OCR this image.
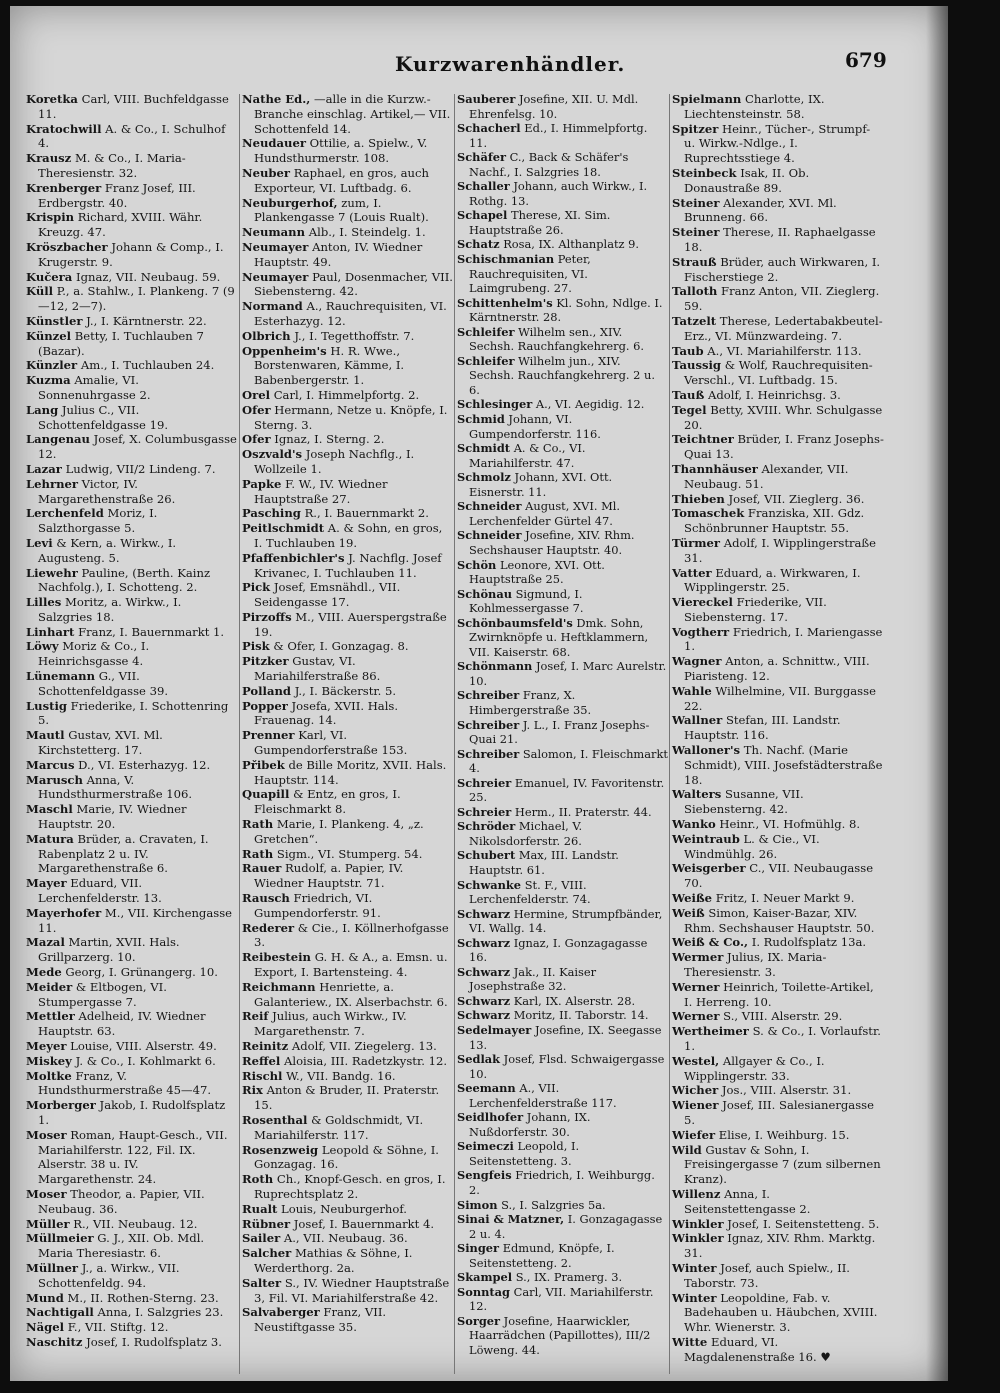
Kurzwarenhändler.	679
Koretka Carl, VIII. Buchfeldgasse 11.
Kratochwill A. & Co., I. Schulhof 4.
Krausz M. & Co., I. Maria-Theresienstr. 32.
Krenberger Franz Josef, III. Erdbergstr. 40.
Krispin Richard, XVIII. Währ. Kreuzg. 47.
Kröszbacher Johann & Comp., I. Krugerstr. 9.
Kučera Ignaz, VII. Neubaug. 59.
Küll P., a. Stahlw., I. Plankeng. 7 (9—12, 2—7).
Künstler J., I. Kärntnerstr. 22.
Künzel Betty, I. Tuchlauben 7 (Bazar).
Künzler Am., I. Tuchlauben 24.
Kuzma Amalie, VI. Sonnenuhrgasse 2.
Lang Julius C., VII. Schottenfeldgasse 19.
Langenau Josef, X. Columbusgasse 12.
Lazar Ludwig, VII/2 Lindeng. 7.
Lehrner Victor, IV. Margarethenstraße 26.
Lerchenfeld Moriz, I. Salzthorgasse 5.
Levi & Kern, a. Wirkw., I. Augusteng. 5.
Liewehr Pauline, (Berth. Kainz Nachfolg.), I. Schotteng. 2.
Lilles Moritz, a. Wirkw., I. Salzgries 18.
Linhart Franz, I. Bauernmarkt 1.
Löwy Moriz & Co., I. Heinrichsgasse 4.
Lünemann G., VII. Schottenfeldgasse 39.
Lustig Friederike, I. Schottenring 5.
Mautl Gustav, XVI. Ml. Kirchstetterg. 17.
Marcus D., VI. Esterhazyg. 12.
Marusch Anna, V. Hundsthurmerstraße 106.
Maschl Marie, IV. Wiedner Hauptstr. 20.
Matura Brüder, a. Cravaten, I. Rabenplatz 2 u. IV. Margarethenstraße 6.
Mayer Eduard, VII. Lerchenfelderstr. 13.
Mayerhofer M., VII. Kirchengasse 11.
Mazal Martin, XVII. Hals. Grillparzerg. 10.
Mede Georg, I. Grünangerg. 10.
Meider & Eltbogen, VI. Stumpergasse 7.
Mettler Adelheid, IV. Wiedner Hauptstr. 63.
Meyer Louise, VIII. Alserstr. 49.
Miskey J. & Co., I. Kohlmarkt 6.
Moltke Franz, V. Hundsthurmerstraße 45—47.
Morberger Jakob, I. Rudolfsplatz 1.
Moser Roman, Haupt-Gesch., VII. Mariahilferstr. 122, Fil. IX. Alserstr. 38 u. IV. Margarethenstr. 24.
Moser Theodor, a. Papier, VII. Neubaug. 36.
Müller R., VII. Neubaug. 12.
Müllmeier G. J., XII. Ob. Mdl. Maria Theresiastr. 6.
Müllner J., a. Wirkw., VII. Schottenfeldg. 94.
Mund M., II. Rothen-Sterng. 23.
Nachtigall Anna, I. Salzgries 23.
Nägel F., VII. Stiftg. 12.
Naschitz Josef, I. Rudolfsplatz 3.
Nathe Ed., —alle in die Kurzw.-Branche einschlag. Artikel,— VII. Schottenfeld 14.
Neudauer Ottilie, a. Spielw., V. Hundsthurmerstr. 108.
Neuber Raphael, en gros, auch Exporteur, VI. Luftbadg. 6.
Neuburgerhof, zum, I. Plankengasse 7 (Louis Rualt).
Neumann Alb., I. Steindelg. 1.
Neumayer Anton, IV. Wiedner Hauptstr. 49.
Neumayer Paul, Dosenmacher, VII. Siebensterng. 42.
Normand A., Rauchrequisiten, VI. Esterhazyg. 12.
Olbrich J., I. Tegetthoffstr. 7.
Oppenheim's H. R. Wwe., Borstenwaren, Kämme, I. Babenbergerstr. 1.
Orel Carl, I. Himmelpfortg. 2.
Ofer Hermann, Netze u. Knöpfe, I. Sterng. 3.
Ofer Ignaz, I. Sterng. 2.
Oszvald's Joseph Nachflg., I. Wollzeile 1.
Papke F. W., IV. Wiedner Hauptstraße 27.
Pasching R., I. Bauernmarkt 2.
Peitlschmidt A. & Sohn, en gros, I. Tuchlauben 19.
Pfaffenbichler's J. Nachflg. Josef Krivanec, I. Tuchlauben 11.
Pick Josef, Emsnähdl., VII. Seidengasse 17.
Pirzoffs M., VIII. Auerspergstraße 19.
Pisk & Ofer, I. Gonzagag. 8.
Pitzker Gustav, VI. Mariahilferstraße 86.
Polland J., I. Bäckerstr. 5.
Popper Josefa, XVII. Hals. Frauenag. 14.
Prenner Karl, VI. Gumpendorferstraße 153.
Přibek de Bille Moritz, XVII. Hals. Hauptstr. 114.
Quapill & Entz, en gros, I. Fleischmarkt 8.
Rath Marie, I. Plankeng. 4, „z. Gretchen“.
Rath Sigm., VI. Stumperg. 54.
Rauer Rudolf, a. Papier, IV. Wiedner Hauptstr. 71.
Rausch Friedrich, VI. Gumpendorferstr. 91.
Rederer & Cie., I. Köllnerhofgasse 3.
Reibestein G. H. & A., a. Emsn. u. Export, I. Bartensteing. 4.
Reichmann Henriette, a. Galanteriew., IX. Alserbachstr. 6.
Reif Julius, auch Wirkw., IV. Margarethenstr. 7.
Reinitz Adolf, VII. Ziegelerg. 13.
Reffel Aloisia, III. Radetzkystr. 12.
Rischl W., VII. Bandg. 16.
Rix Anton & Bruder, II. Praterstr. 15.
Rosenthal & Goldschmidt, VI. Mariahilferstr. 117.
Rosenzweig Leopold & Söhne, I. Gonzagag. 16.
Roth Ch., Knopf-Gesch. en gros, I. Ruprechtsplatz 2.
Rualt Louis, Neuburgerhof.
Rübner Josef, I. Bauernmarkt 4.
Sailer A., VII. Neubaug. 36.
Salcher Mathias & Söhne, I. Werderthorg. 2a.
Salter S., IV. Wiedner Hauptstraße 3, Fil. VI. Mariahilferstraße 42.
Salvaberger Franz, VII. Neustiftgasse 35.
Sauberer Josefine, XII. U. Mdl. Ehrenfelsg. 10.
Schacherl Ed., I. Himmelpfortg. 11.
Schäfer C., Back & Schäfer's Nachf., I. Salzgries 18.
Schaller Johann, auch Wirkw., I. Rothg. 13.
Schapel Therese, XI. Sim. Hauptstraße 26.
Schatz Rosa, IX. Althanplatz 9.
Schischmanian Peter, Rauchrequisiten, VI. Laimgrubeng. 27.
Schittenhelm's Kl. Sohn, Ndlge. I. Kärntnerstr. 28.
Schleifer Wilhelm sen., XIV. Sechsh. Rauchfangkehrerg. 6.
Schleifer Wilhelm jun., XIV. Sechsh. Rauchfangkehrerg. 2 u. 6.
Schlesinger A., VI. Aegidig. 12.
Schmid Johann, VI. Gumpendorferstr. 116.
Schmidt A. & Co., VI. Mariahilferstr. 47.
Schmolz Johann, XVI. Ott. Eisnerstr. 11.
Schneider August, XVI. Ml. Lerchenfelder Gürtel 47.
Schneider Josefine, XIV. Rhm. Sechshauser Hauptstr. 40.
Schön Leonore, XVI. Ott. Hauptstraße 25.
Schönau Sigmund, I. Kohlmessergasse 7.
Schönbaumsfeld's Dmk. Sohn, Zwirnknöpfe u. Heftklammern, VII. Kaiserstr. 68.
Schönmann Josef, I. Marc Aurelstr. 10.
Schreiber Franz, X. Himbergerstraße 35.
Schreiber J. L., I. Franz Josephs-Quai 21.
Schreiber Salomon, I. Fleischmarkt 4.
Schreier Emanuel, IV. Favoritenstr. 25.
Schreier Herm., II. Praterstr. 44.
Schröder Michael, V. Nikolsdorferstr. 26.
Schubert Max, III. Landstr. Hauptstr. 61.
Schwanke St. F., VIII. Lerchenfelderstr. 74.
Schwarz Hermine, Strumpfbänder, VI. Wallg. 14.
Schwarz Ignaz, I. Gonzagagasse 16.
Schwarz Jak., II. Kaiser Josephstraße 32.
Schwarz Karl, IX. Alserstr. 28.
Schwarz Moritz, II. Taborstr. 14.
Sedelmayer Josefine, IX. Seegasse 13.
Sedlak Josef, Flsd. Schwaigergasse 10.
Seemann A., VII. Lerchenfelderstraße 117.
Seidlhofer Johann, IX. Nußdorferstr. 30.
Seimeczi Leopold, I. Seitenstetteng. 3.
Sengfeis Friedrich, I. Weihburgg. 2.
Simon S., I. Salzgries 5a.
Sinai & Matzner, I. Gonzagagasse 2 u. 4.
Singer Edmund, Knöpfe, I. Seitenstetteng. 2.
Skampel S., IX. Pramerg. 3.
Sonntag Carl, VII. Mariahilferstr. 12.
Sorger Josefine, Haarwickler, Haarrädchen (Papillottes), III/2 Löweng. 44.
Spielmann Charlotte, IX. Liechtensteinstr. 58.
Spitzer Heinr., Tücher-, Strumpf- u. Wirkw.-Ndlge., I. Ruprechtsstiege 4.
Steinbeck Isak, II. Ob. Donaustraße 89.
Steiner Alexander, XVI. Ml. Brunneng. 66.
Steiner Therese, II. Raphaelgasse 18.
Strauß Brüder, auch Wirkwaren, I. Fischerstiege 2.
Talloth Franz Anton, VII. Zieglerg. 59.
Tatzelt Therese, Ledertabakbeutel-Erz., VI. Münzwardeing. 7.
Taub A., VI. Mariahilferstr. 113.
Taussig & Wolf, Rauchrequisiten-Verschl., VI. Luftbadg. 15.
Tauß Adolf, I. Heinrichsg. 3.
Tegel Betty, XVIII. Whr. Schulgasse 20.
Teichtner Brüder, I. Franz Josephs-Quai 13.
Thannhäuser Alexander, VII. Neubaug. 51.
Thieben Josef, VII. Zieglerg. 36.
Tomaschek Franziska, XII. Gdz. Schönbrunner Hauptstr. 55.
Türmer Adolf, I. Wipplingerstraße 31.
Vatter Eduard, a. Wirkwaren, I. Wipplingerstr. 25.
Viereckel Friederike, VII. Siebensterng. 17.
Vogtherr Friedrich, I. Mariengasse 1.
Wagner Anton, a. Schnittw., VIII. Piaristeng. 12.
Wahle Wilhelmine, VII. Burggasse 22.
Wallner Stefan, III. Landstr. Hauptstr. 116.
Walloner's Th. Nachf. (Marie Schmidt), VIII. Josefstädterstraße 18.
Walters Susanne, VII. Siebensterng. 42.
Wanko Heinr., VI. Hofmühlg. 8.
Weintraub L. & Cie., VI. Windmühlg. 26.
Weisgerber C., VII. Neubaugasse 70.
Weiße Fritz, I. Neuer Markt 9.
Weiß Simon, Kaiser-Bazar, XIV. Rhm. Sechshauser Hauptstr. 50.
Weiß & Co., I. Rudolfsplatz 13a.
Wermer Julius, IX. Maria-Theresienstr. 3.
Werner Heinrich, Toilette-Artikel, I. Herreng. 10.
Werner S., VIII. Alserstr. 29.
Wertheimer S. & Co., I. Vorlaufstr. 1.
Westel, Allgayer & Co., I. Wipplingerstr. 33.
Wicher Jos., VIII. Alserstr. 31.
Wiener Josef, III. Salesianergasse 5.
Wiefer Elise, I. Weihburg. 15.
Wild Gustav & Sohn, I. Freisingergasse 7 (zum silbernen Kranz).
Willenz Anna, I. Seitenstettengasse 2.
Winkler Josef, I. Seitenstetteng. 5.
Winkler Ignaz, XIV. Rhm. Marktg. 31.
Winter Josef, auch Spielw., II. Taborstr. 73.
Winter Leopoldine, Fab. v. Badehauben u. Häubchen, XVIII. Whr. Wienerstr. 3.
Witte Eduard, VI. Magdalenenstraße 16. ♥
